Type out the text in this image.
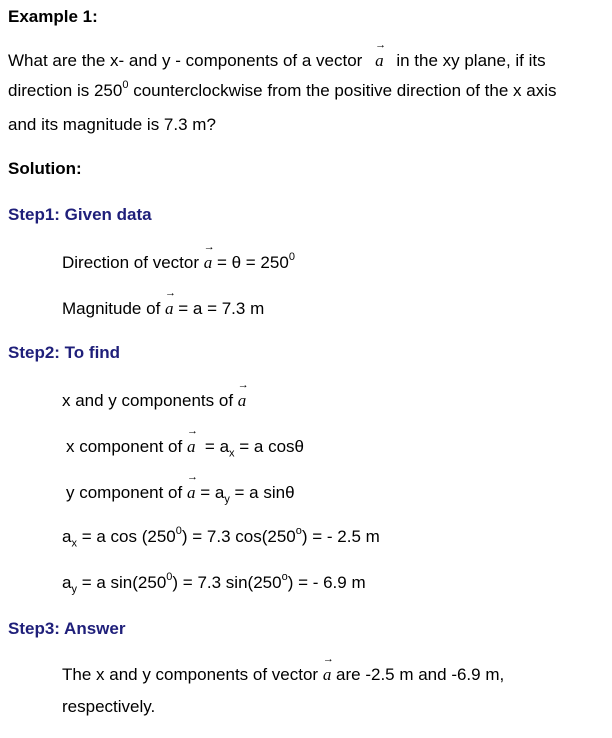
Example 1:
What are the x- and y - components of a vector
→
a in the xy plane, if its
direction is $250^0$ counterclockwise from the positive direction of the x axis
and its magnitude is 7.3 m?
Solution:
Step1: Given data
Direction of vector
→
$a = \theta = 250^0$
Magnitude of
→
a = a = 7.3 m
Step2: To find
x and y components of
→
a
x component of
→
$a = a_x = a$ cosθ
y component of
→
$a = a_y = a$ sinθ
$a_x = a$ $\cos (250^0) = 7.3$ $\cos(250^o)$ = - 2.5 m
$a_y = a$ $\sin(250^0) = 7.3$ $\sin(250^o)$ = - 6.9 m
Step3: Answer
The x and y components of vector
→
a are -2.5 m and -6.9 m,
respectively.
